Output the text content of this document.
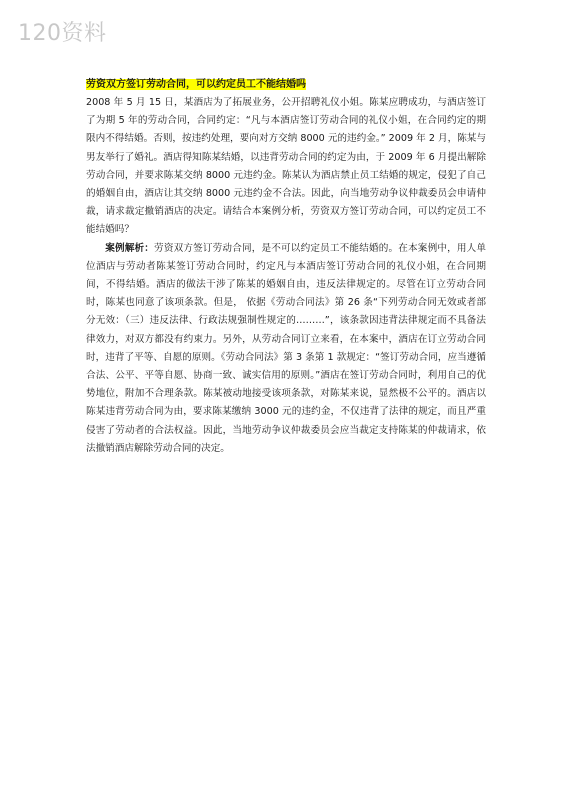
120资料
劳资双方签订劳动合同，可以约定员工不能结婚吗

2008 年 5 月 15 日，某酒店为了拓展业务，公开招聘礼仪小姐。陈某应聘成功，与酒店签订了为期 5 年的劳动合同，合同约定：“凡与本酒店签订劳动合同的礼仪小姐，在合同约定的期限内不得结婚。否则，按违约处理，要向对方交纳 8000 元的违约金。” 2009 年 2 月，陈某与男友举行了婚礼。酒店得知陈某结婚，以违背劳动合同的约定为由，于 2009 年 6 月提出解除劳动合同，并要求陈某交纳 8000 元违约金。陈某认为酒店禁止员工结婚的规定，侵犯了自己的婚姻自由，酒店让其交纳 8000 元违约金不合法。因此，向当地劳动争议仲裁委员会申请仲裁，请求裁定撤销酒店的决定。请结合本案例分析，劳资双方签订劳动合同，可以约定员工不能结婚吗？

案例解析：劳资双方签订劳动合同，是不可以约定员工不能结婚的。在本案例中，用人单位酒店与劳动者陈某签订劳动合同时，约定凡与本酒店签订劳动合同的礼仪小姐，在合同期间，不得结婚。酒店的做法干涉了陈某的婚姻自由，违反法律规定的。尽管在订立劳动合同时，陈某也同意了该项条款。但是， 依据《劳动合同法》第 26 条“下列劳动合同无效或者部分无效：（三）违反法律、行政法规强制性规定的………”，该条款因违背法律规定而不具备法律效力，对双方都没有约束力。另外，从劳动合同订立来看，在本案中，酒店在订立劳动合同时，违背了平等、自愿的原则。《劳动合同法》第 3 条第 1 款规定：“签订劳动合同，应当遵循合法、公平、平等自愿、协商一致、诚实信用的原则。”酒店在签订劳动合同时，利用自己的优势地位，附加不合理条款。陈某被动地接受该项条款，对陈某来说，显然极不公平的。酒店以陈某违背劳动合同为由，要求陈某缴纳 3000 元的违约金，不仅违背了法律的规定，而且严重侵害了劳动者的合法权益。因此，当地劳动争议仲裁委员会应当裁定支持陈某的仲裁请求，依法撤销酒店解除劳动合同的决定。
